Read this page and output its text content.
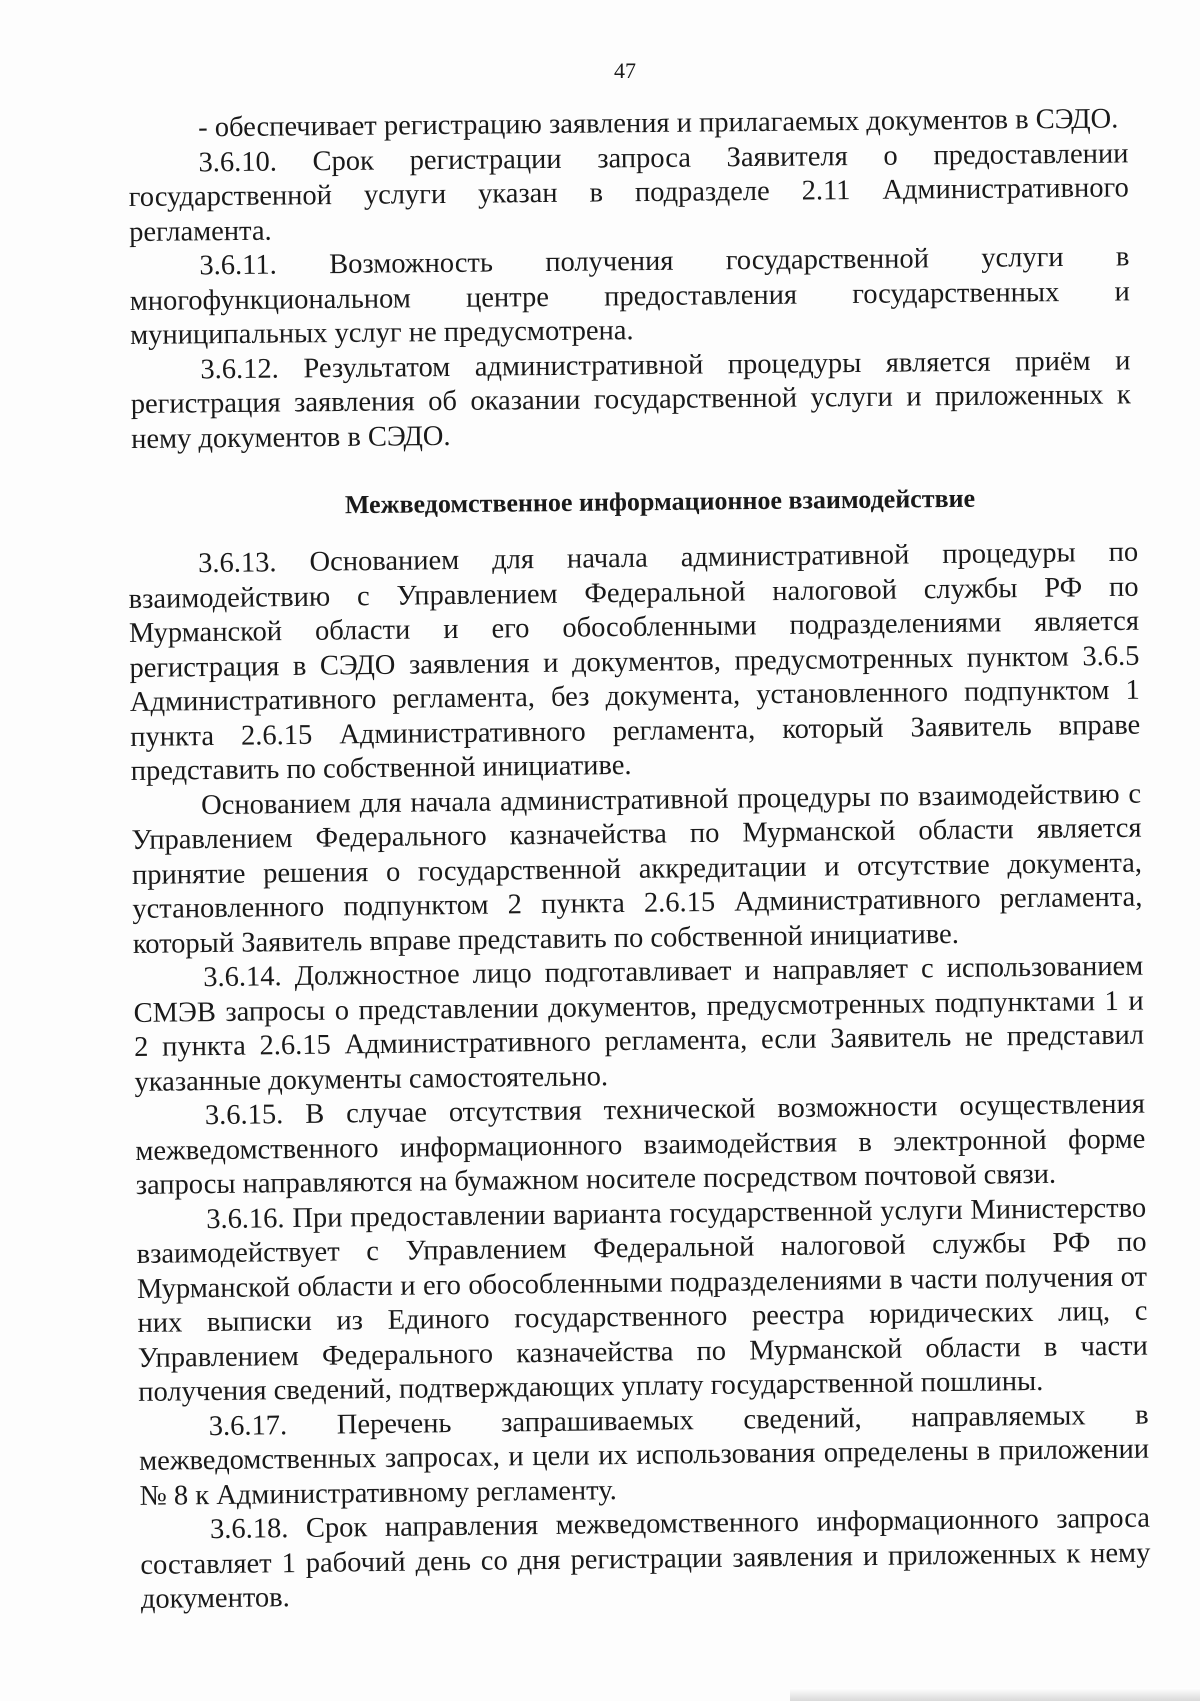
47

- обеспечивает регистрацию заявления и прилагаемых документов в СЭДО.

3.6.10. Срок регистрации запроса Заявителя о предоставлении государственной услуги указан в подразделе 2.11 Административного регламента.

3.6.11. Возможность получения государственной услуги в многофункциональном центре предоставления государственных и муниципальных услуг не предусмотрена.

3.6.12. Результатом административной процедуры является приём и регистрация заявления об оказании государственной услуги и приложенных к нему документов в СЭДО.

Межведомственное информационное взаимодействие

3.6.13. Основанием для начала административной процедуры по взаимодействию с Управлением Федеральной налоговой службы РФ по Мурманской области и его обособленными подразделениями является регистрация в СЭДО заявления и документов, предусмотренных пунктом 3.6.5 Административного регламента, без документа, установленного подпунктом 1 пункта 2.6.15 Административного регламента, который Заявитель вправе представить по собственной инициативе.

Основанием для начала административной процедуры по взаимодействию с Управлением Федерального казначейства по Мурманской области является принятие решения о государственной аккредитации и отсутствие документа, установленного подпунктом 2 пункта 2.6.15 Административного регламента, который Заявитель вправе представить по собственной инициативе.

3.6.14. Должностное лицо подготавливает и направляет с использованием СМЭВ запросы о представлении документов, предусмотренных подпунктами 1 и 2 пункта 2.6.15 Административного регламента, если Заявитель не представил указанные документы самостоятельно.

3.6.15. В случае отсутствия технической возможности осуществления межведомственного информационного взаимодействия в электронной форме запросы направляются на бумажном носителе посредством почтовой связи.

3.6.16. При предоставлении варианта государственной услуги Министерство взаимодействует с Управлением Федеральной налоговой службы РФ по Мурманской области и его обособленными подразделениями в части получения от них выписки из Единого государственного реестра юридических лиц, с Управлением Федерального казначейства по Мурманской области в части получения сведений, подтверждающих уплату государственной пошлины.

3.6.17. Перечень запрашиваемых сведений, направляемых в межведомственных запросах, и цели их использования определены в приложении № 8 к Административному регламенту.

3.6.18. Срок направления межведомственного информационного запроса составляет 1 рабочий день со дня регистрации заявления и приложенных к нему документов.
